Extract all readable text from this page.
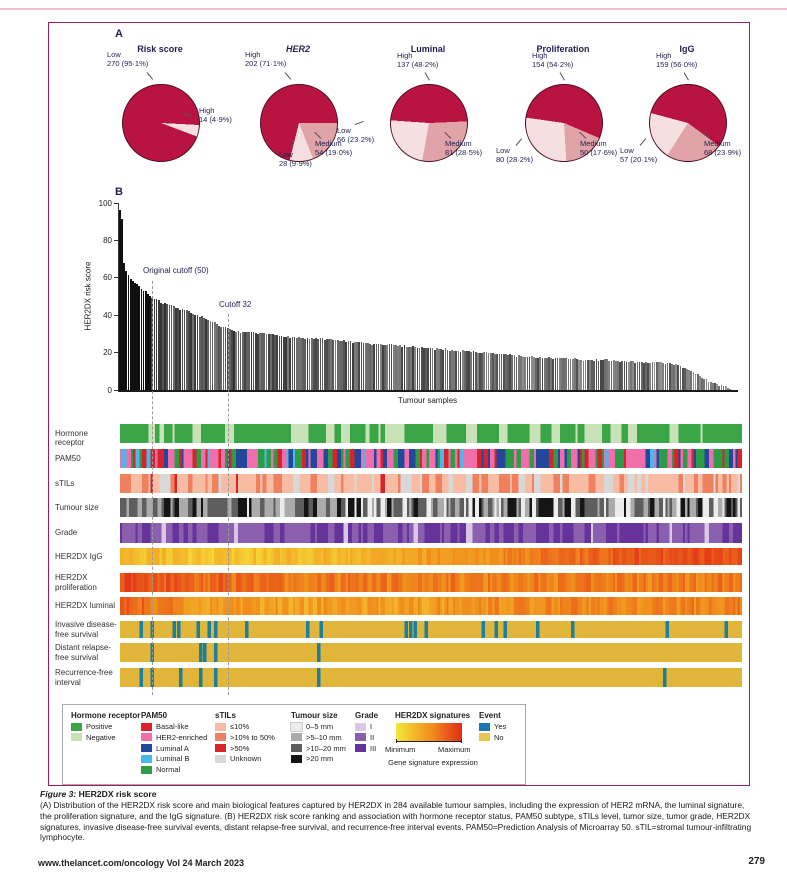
A
Risk score
High
14 (4·9%)
Low
270 (95·1%)
HER2
Medium
54 (19·0%)
Low
28 (9·9%)
High
202 (71·1%)
Luminal
High
137 (48·2%)
Medium
81 (28·5%)
Low
66 (23·2%)
Proliferation
High
154 (54·2%)
Medium
50 (17·6%)
Low
80 (28·2%)
IgG
High
159 (56·0%)
Medium
68 (23·9%)
Low
57 (20·1%)
B
HER2DX risk score
0
20
40
60
80
100
Tumour samples
Original cutoff (50)
Cutoff 32
Hormone receptor
PAM50
sTILs
Tumour size
Grade
HER2DX IgG
HER2DX
proliferation
HER2DX luminal
Invasive disease-
free survival
Distant relapse-
free survival
Recurrence-free
interval
Hormone receptor
Positive
Negative
PAM50
Basal-like
HER2-enriched
Luminal A
Luminal B
Normal
sTILs
≤10%
>10% to 50%
>50%
Unknown
Tumour size
0–5 mm
>5–10 mm
>10–20 mm
>20 mm
Grade
I
II
III
HER2DX signatures
Minimum	Maximum
Gene signature expression
Event
Yes
No
Figure 3: HER2DX risk score
(A) Distribution of the HER2DX risk score and main biological features captured by HER2DX in 284 available tumour samples, including the expression of HER2 mRNA, the luminal signature, the proliferation signature, and the IgG signature. (B) HER2DX risk score ranking and association with hormone receptor status, PAM50 subtype, sTILs level, tumor size, tumor grade, HER2DX signatures, invasive disease-free survival events, distant relapse-free survival, and recurrence-free interval events. PAM50=Prediction Analysis of Microarray 50. sTIL=stromal tumour-infiltrating lymphocyte.
www.thelancet.com/oncology Vol 24 March 2023	279
